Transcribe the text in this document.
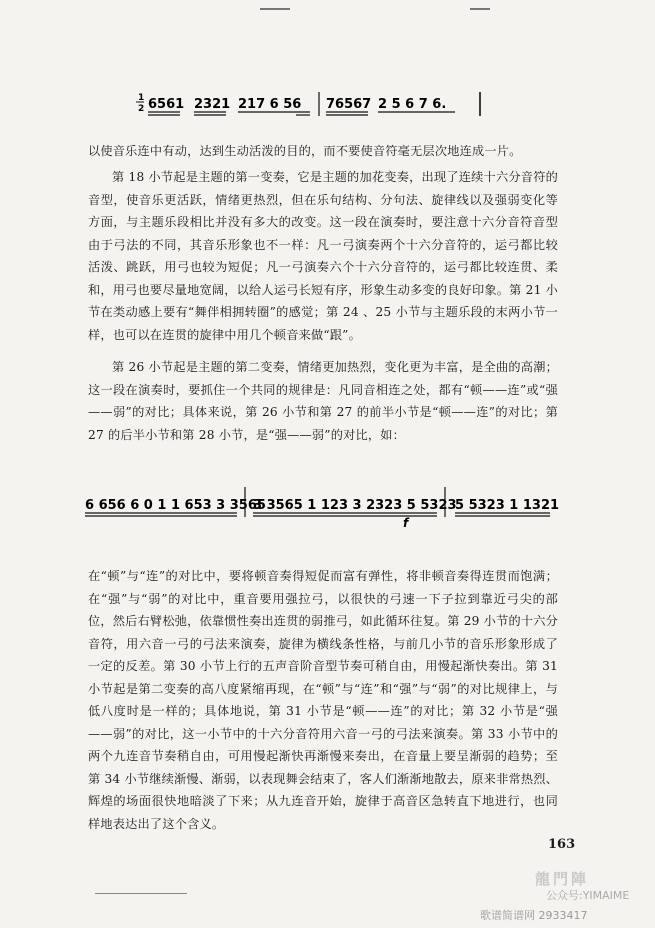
1
2 6561 2321 217 6 56 76567 2 5 6 7 6.
以使音乐连中有动，达到生动活泼的目的，而不要使音符毫无层次地连成一片。
第 18 小节起是主题的第一变奏，它是主题的加花变奏，出现了连续十六分音符的音型，使音乐更活跃，情绪更热烈，但在乐句结构、分句法、旋律线以及强弱变化等方面，与主题乐段相比并没有多大的改变。这一段在演奏时，要注意十六分音符音型由于弓法的不同，其音乐形象也不一样：凡一弓演奏两个十六分音符的，运弓都比较活泼、跳跃，用弓也较为短促；凡一弓演奏六个十六分音符的，运弓都比较连贯、柔和，用弓也要尽量地宽阔，以给人运弓长短有序，形象生动多变的良好印象。第 21 小节在类动感上要有“舞伴相拥转圈”的感觉；第 24 、25 小节与主题乐段的末两小节一样，也可以在连贯的旋律中用几个顿音来做“跟”。
第 26 小节起是主题的第二变奏，情绪更加热烈，变化更为丰富，是全曲的高潮；这一段在演奏时，要抓住一个共同的规律是：凡同音相连之处，都有“顿——连”或“强——弱”的对比；具体来说，第 26 小节和第 27 的前半小节是“顿——连”的对比；第 27 的后半小节和第 28 小节，是“强——弱”的对比，如：
6 656 6 0 1 1 653 3 3565
3 3565 1 123 3 2323 5 5323
f
5 5323 1 1321
在“顿”与“连”的对比中，要将顿音奏得短促而富有弹性，将非顿音奏得连贯而饱满；在“强”与“弱”的对比中，重音要用强拉弓，以很快的弓速一下子拉到靠近弓尖的部位，然后右臂松弛，依靠惯性奏出连贯的弱推弓，如此循环往复。第 29 小节的十六分音符，用六音一弓的弓法来演奏，旋律为横线条性格，与前几小节的音乐形象形成了一定的反差。第 30 小节上行的五声音阶音型节奏可稍自由，用慢起渐快奏出。第 31 小节起是第二变奏的高八度紧缩再现，在“顿”与“连”和“强”与“弱”的对比规律上，与低八度时是一样的；具体地说，第 31 小节是“顿——连”的对比；第 32 小节是“强——弱”的对比，这一小节中的十六分音符用六音一弓的弓法来演奏。第 33 小节中的两个九连音节奏稍自由，可用慢起渐快再渐慢来奏出，在音量上要呈渐弱的趋势；至第 34 小节继续渐慢、渐弱，以表现舞会结束了，客人们渐渐地散去，原来非常热烈、辉煌的场面很快地暗淡了下来；从九连音开始，旋律于高音区急转直下地进行，也同样地表达出了这个含义。
163
龍門陣
公众号:YIMAIME
歌谱简谱网 2933417
